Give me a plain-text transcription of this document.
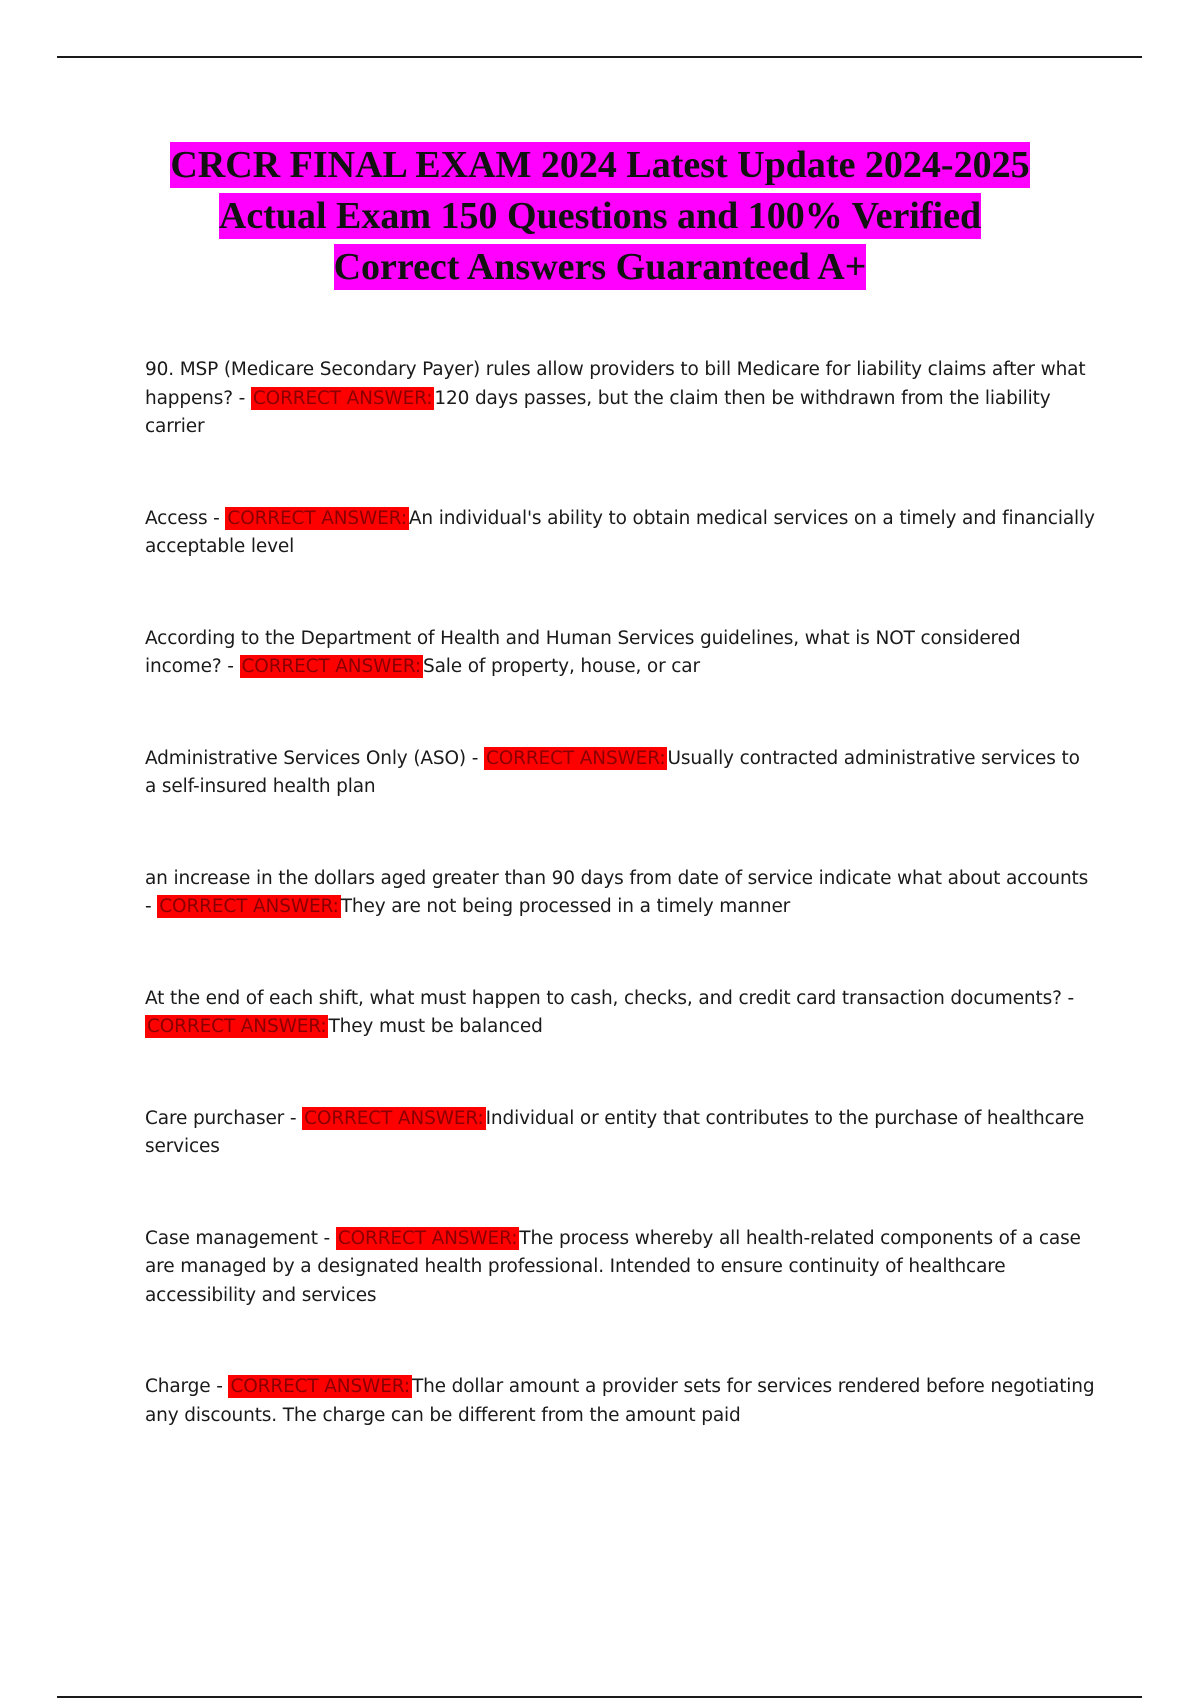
CRCR FINAL EXAM 2024 Latest Update 2024-2025
Actual Exam 150 Questions and 100% Verified
Correct Answers Guaranteed A+

90. MSP (Medicare Secondary Payer) rules allow providers to bill Medicare for liability claims after what happens? - CORRECT ANSWER: 120 days passes, but the claim then be withdrawn from the liability carrier

Access - CORRECT ANSWER: An individual's ability to obtain medical services on a timely and financially acceptable level

According to the Department of Health and Human Services guidelines, what is NOT considered income? - CORRECT ANSWER: Sale of property, house, or car

Administrative Services Only (ASO) - CORRECT ANSWER: Usually contracted administrative services to a self-insured health plan

an increase in the dollars aged greater than 90 days from date of service indicate what about accounts - CORRECT ANSWER: They are not being processed in a timely manner

At the end of each shift, what must happen to cash, checks, and credit card transaction documents? - CORRECT ANSWER: They must be balanced

Care purchaser - CORRECT ANSWER: Individual or entity that contributes to the purchase of healthcare services

Case management - CORRECT ANSWER: The process whereby all health-related components of a case are managed by a designated health professional. Intended to ensure continuity of healthcare accessibility and services

Charge - CORRECT ANSWER: The dollar amount a provider sets for services rendered before negotiating any discounts. The charge can be different from the amount paid
